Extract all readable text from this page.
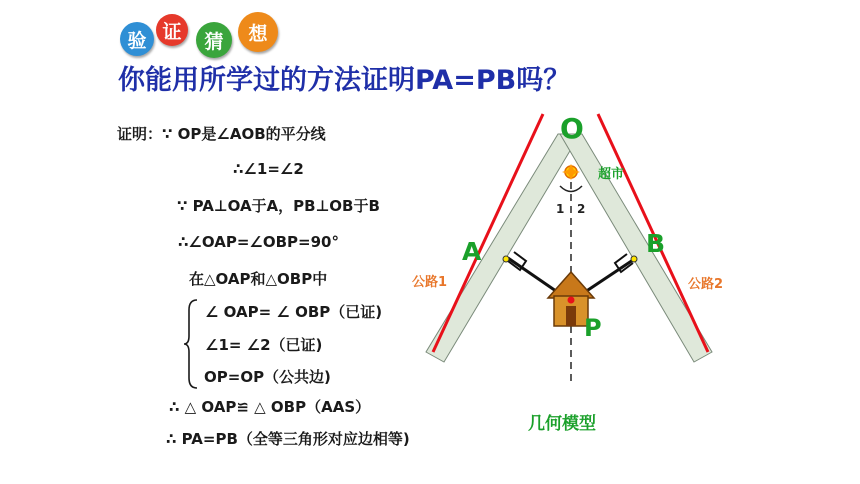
验 证	猜	想
你能用所学过的方法证明PA=PB吗？
证明：∵ OP是∠AOB的平分线
∴∠1=∠2
∵ PA⊥OA于A，PB⊥OB于B
∴∠OAP=∠OBP=90°
在△OAP和△OBP中
∠ OAP= ∠ OBP（已证)
∠1= ∠2（已证)
OP=OP（公共边)
∴ △ OAP≌ △ OBP（AAS）
∴ PA=PB（全等三角形对应边相等)
O
A	B
P
1 2
超市
公路1	公路2
几何模型
